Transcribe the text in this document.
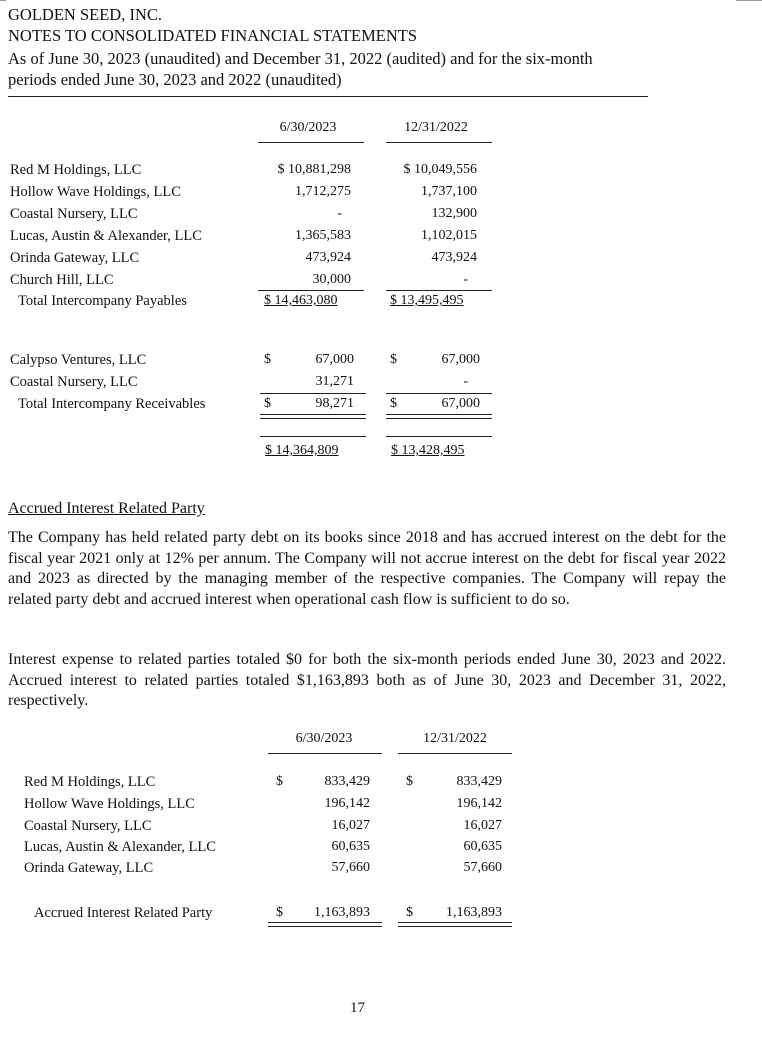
GOLDEN SEED, INC.
NOTES TO CONSOLIDATED FINANCIAL STATEMENTS
As of June 30, 2023 (unaudited) and December 31, 2022 (audited) and for the six-month
periods ended June 30, 2023 and 2022 (unaudited)
6/30/2023	12/31/2022
Red M Holdings, LLC	$ 10,881,298	$ 10,049,556
Hollow Wave Holdings, LLC	1,712,275	1,737,100
Coastal Nursery, LLC	-	132,900
Lucas, Austin & Alexander, LLC	1,365,583	1,102,015
Orinda Gateway, LLC	473,924	473,924
Church Hill, LLC	30,000	-
Total Intercompany Payables	$ 14,463,080	$ 13,495,495
Calypso Ventures, LLC	$	67,000	$	67,000
Coastal Nursery, LLC	31,271	-
Total Intercompany Receivables	$	98,271	$	67,000
$ 14,364,809	$ 13,428,495
Accrued Interest Related Party
The Company has held related party debt on its books since 2018 and has accrued interest on the debt for the fiscal year 2021 only at 12% per annum. The Company will not accrue interest on the debt for fiscal year 2022 and 2023 as directed by the managing member of the respective companies. The Company will repay the related party debt and accrued interest when operational cash flow is sufficient to do so.
Interest expense to related parties totaled $0 for both the six-month periods ended June 30, 2023 and 2022. Accrued interest to related parties totaled $1,163,893 both as of June 30, 2023 and December 31, 2022, respectively.
6/30/2023	12/31/2022
Red M Holdings, LLC	$	833,429	$	833,429
Hollow Wave Holdings, LLC	196,142	196,142
Coastal Nursery, LLC	16,027	16,027
Lucas, Austin & Alexander, LLC	60,635	60,635
Orinda Gateway, LLC	57,660	57,660
Accrued Interest Related Party	$	1,163,893	$	1,163,893
17
